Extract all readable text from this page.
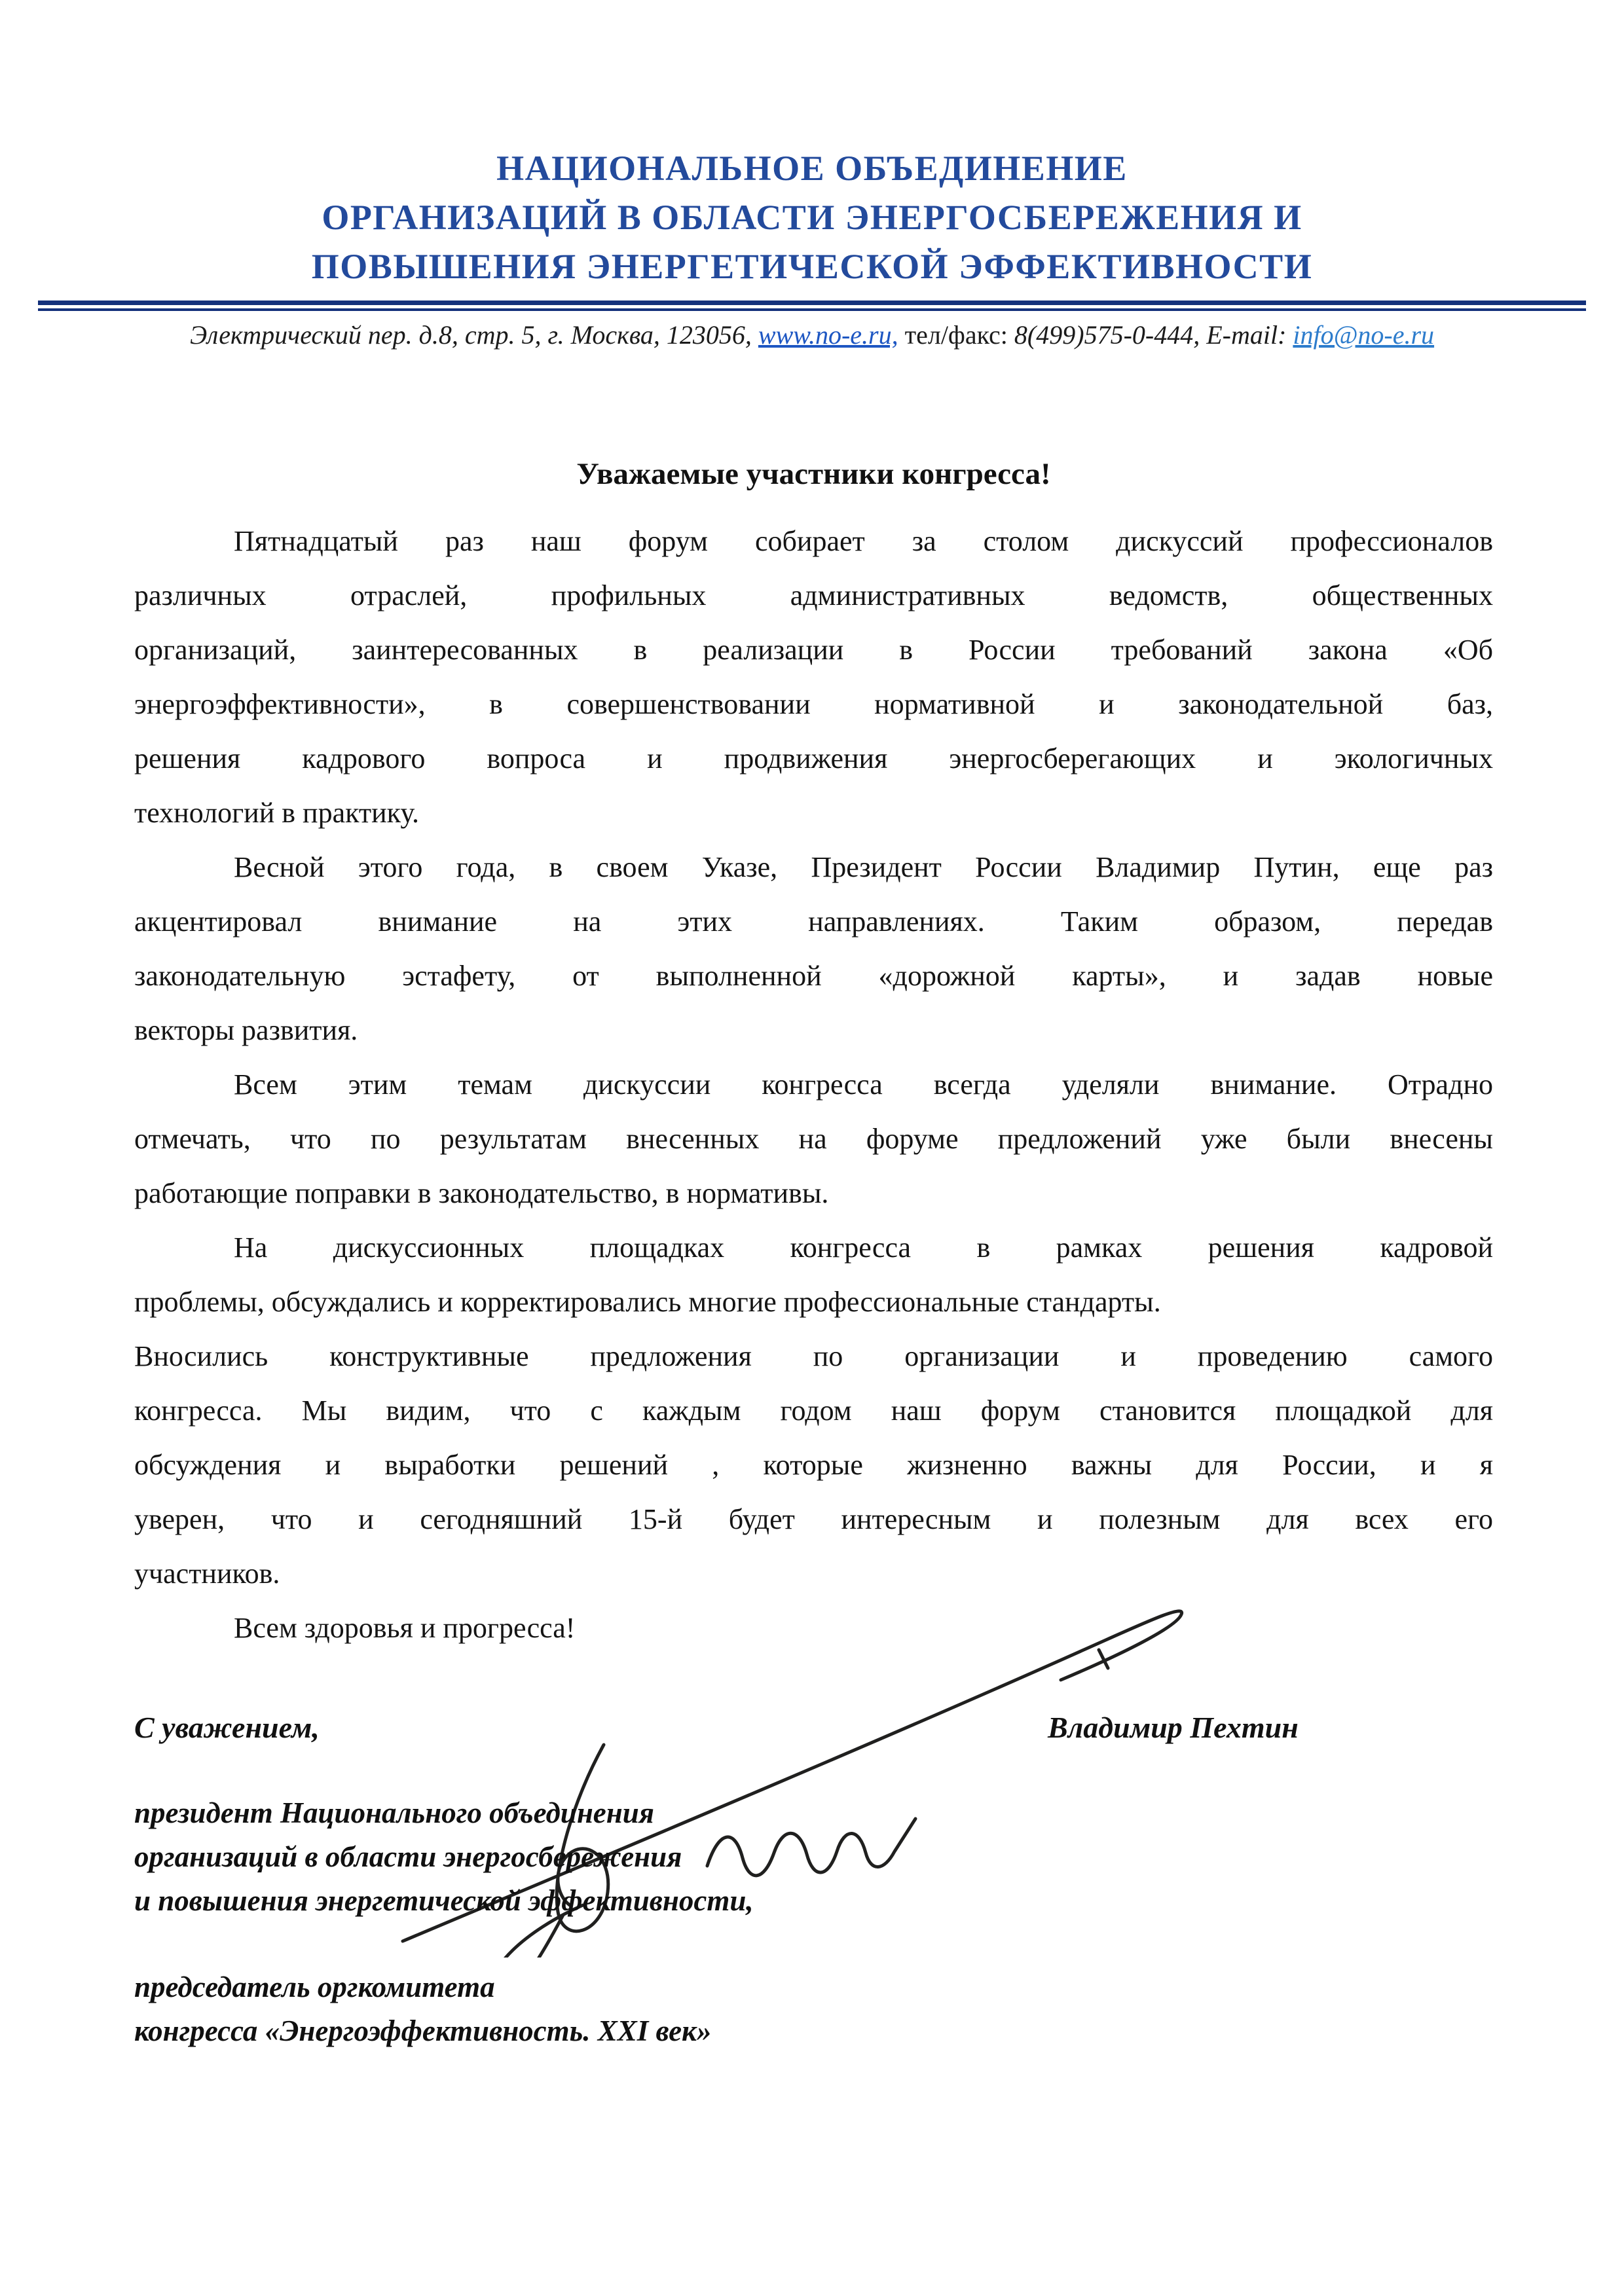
НАЦИОНАЛЬНОЕ ОБЪЕДИНЕНИЕ
ОРГАНИЗАЦИЙ В ОБЛАСТИ ЭНЕРГОСБЕРЕЖЕНИЯ И
ПОВЫШЕНИЯ ЭНЕРГЕТИЧЕСКОЙ ЭФФЕКТИВНОСТИ
Электрический пер. д.8, стр. 5, г. Москва, 123056, www.no-e.ru, тел/факс: 8(499)575-0-444, E-mail: info@no-e.ru
Уважаемые участники конгресса!
Пятнадцатый раз наш форум собирает за столом дискуссий профессионалов
различных отраслей, профильных административных ведомств, общественных
организаций, заинтересованных в реализации в России требований закона «Об
энергоэффективности», в совершенствовании нормативной и законодательной баз,
решения кадрового вопроса и продвижения энергосберегающих и экологичных
технологий в практику.
Весной этого года, в своем Указе, Президент России Владимир Путин, еще раз
акцентировал внимание на этих направлениях. Таким образом, передав
законодательную эстафету, от выполненной «дорожной карты», и задав новые
векторы развития.
Всем этим темам дискуссии конгресса всегда уделяли внимание. Отрадно
отмечать, что по результатам внесенных на форуме предложений уже были внесены
работающие поправки в законодательство, в нормативы.
На дискуссионных площадках конгресса в рамках решения кадровой
проблемы, обсуждались и корректировались многие профессиональные стандарты.
Вносились конструктивные предложения по организации и проведению самого
конгресса. Мы видим, что с каждым годом наш форум становится площадкой для
обсуждения и выработки решений , которые жизненно важны для России, и я
уверен, что и сегодняшний 15-й будет интересным и полезным для всех его
участников.
Всем здоровья и прогресса!
С уважением,	Владимир Пехтин
президент Национального объединения
организаций в области энергосбережения
и повышения энергетической эффективности,
председатель оргкомитета
конгресса «Энергоэффективность. XXI век»
